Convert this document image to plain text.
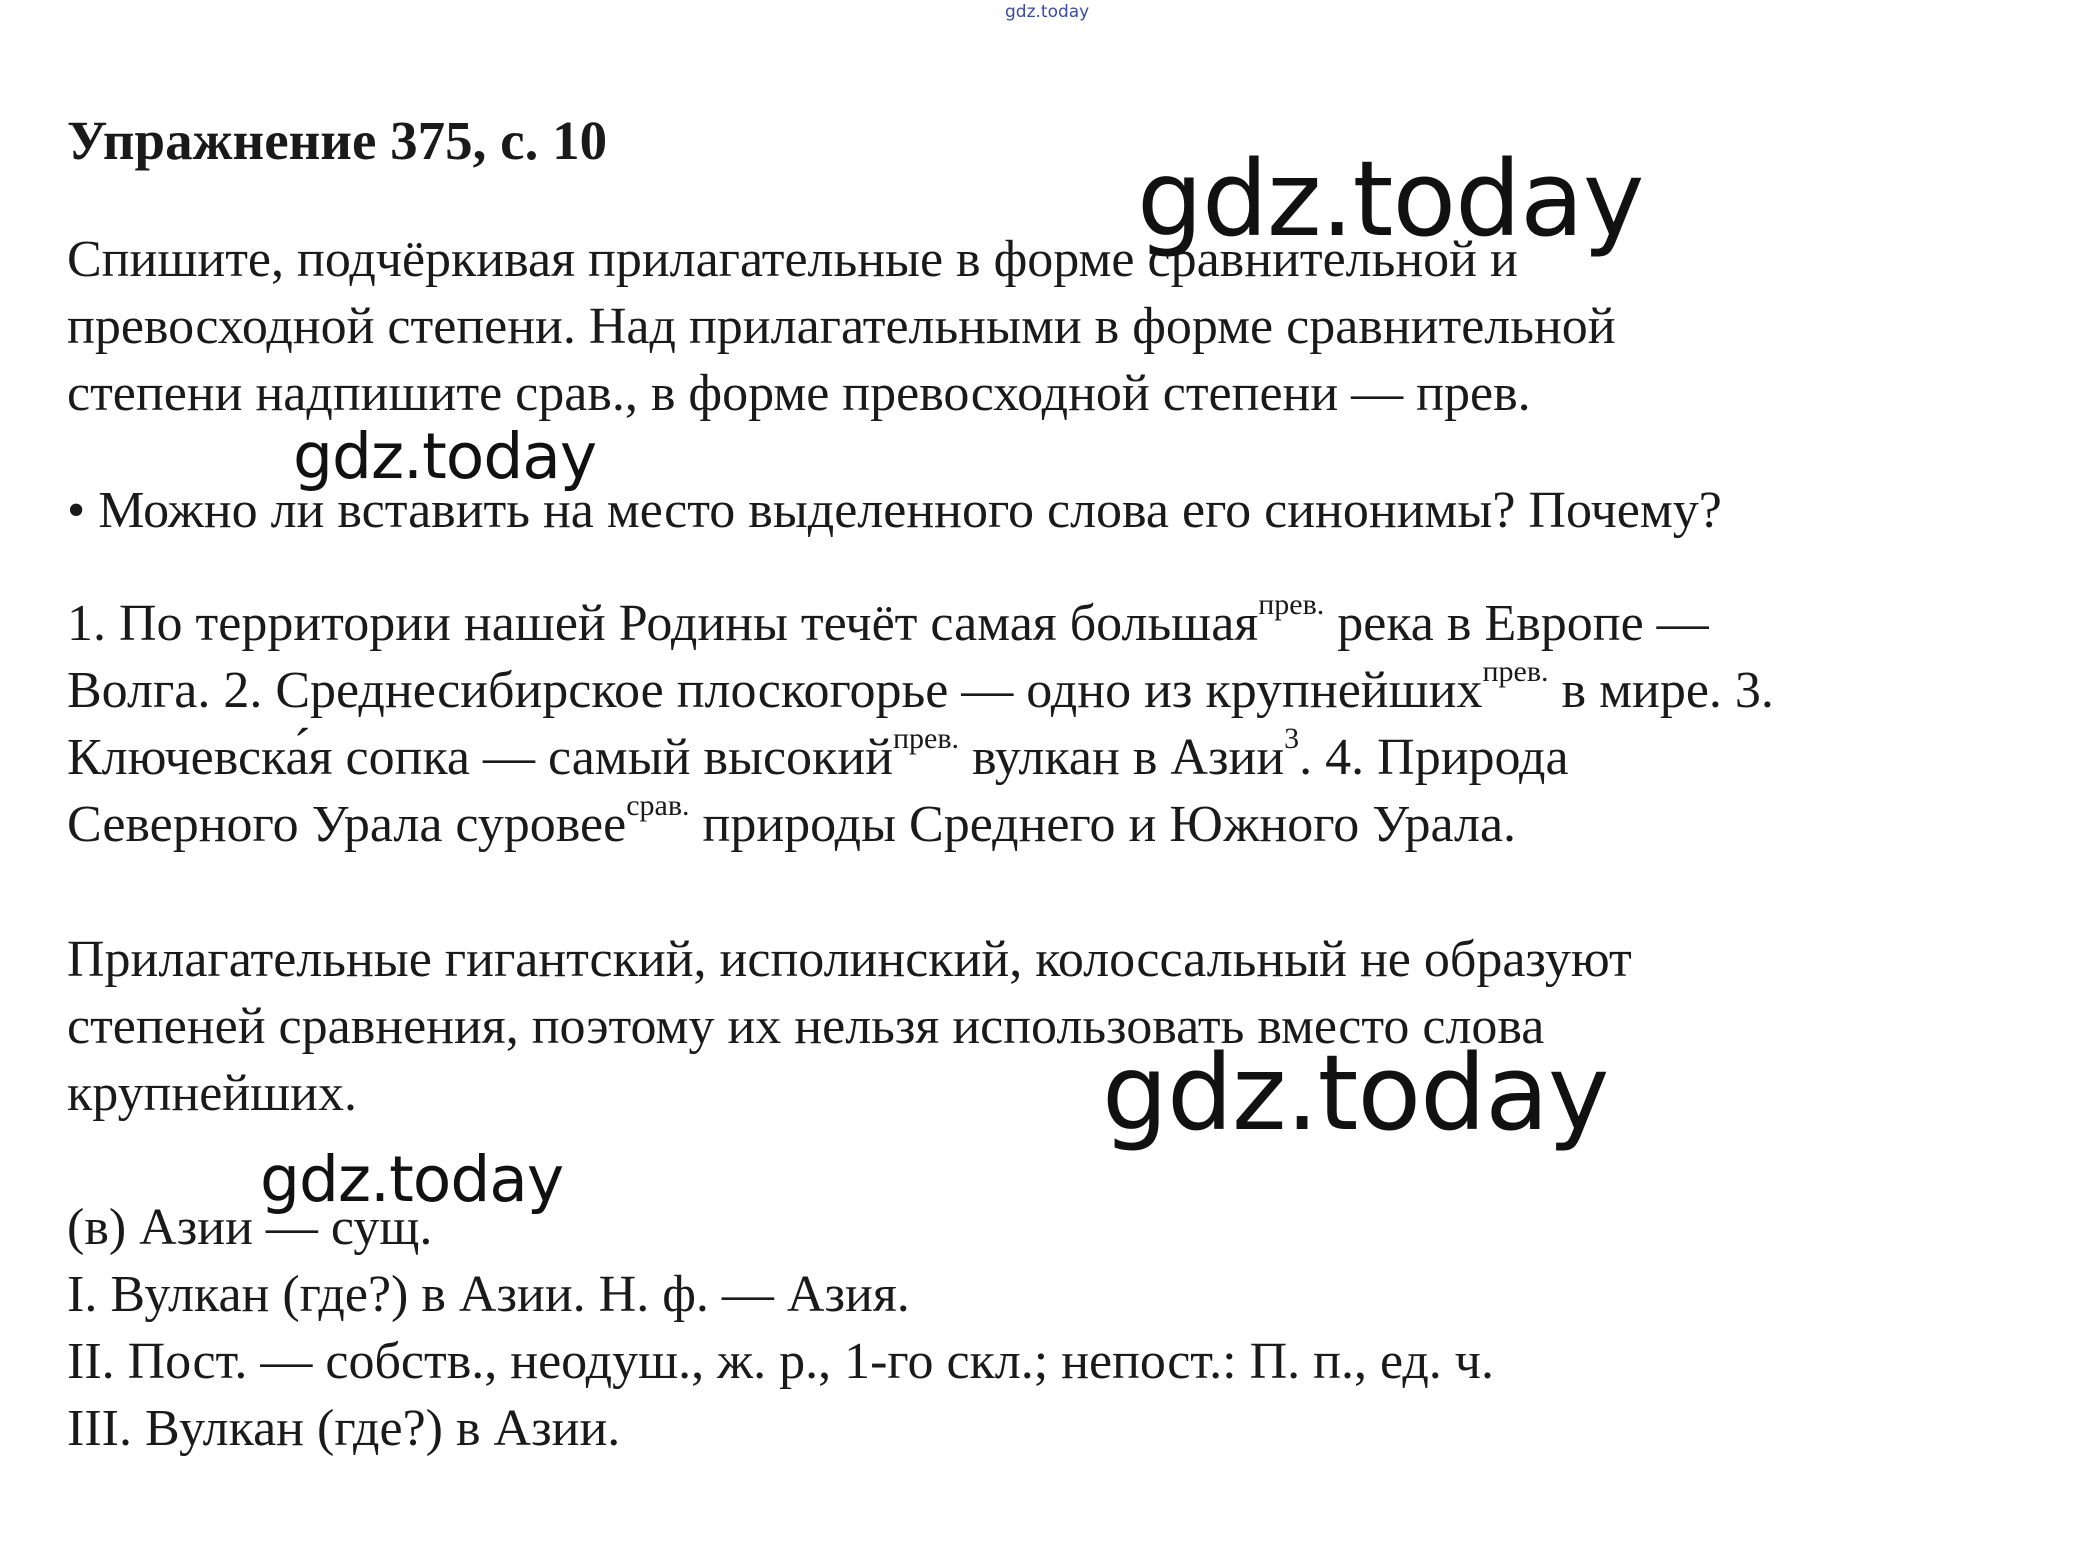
gdz.today
Упражнение 375, с. 10
Спишите, подчёркивая прилагательные в форме сравнительной и
превосходной степени. Над прилагательными в форме сравнительной
степени надпишите срав., в форме превосходной степени — прев.
• Можно ли вставить на место выделенного слова его синонимы? Почему?
1. По территории нашей Родины течёт самая большая$^{прев.}$ река в Европе —
Волга. 2. Среднесибирское плоскогорье — одно из крупнейших$^{прев.}$ в мире. 3.
Ключевска́я сопка — самый высокий$^{прев.}$ вулкан в Азии$^3$. 4. Природа
Северного Урала суровее$^{срав.}$ природы Среднего и Южного Урала.
Прилагательные гигантский, исполинский, колоссальный не образуют
степеней сравнения, поэтому их нельзя использовать вместо слова
крупнейших.
(в) Азии — сущ.
I. Вулкан (где?) в Азии. Н. ф. — Азия.
II. Пост. — собств., неодуш., ж. р., 1-го скл.; непост.: П. п., ед. ч.
III. Вулкан (где?) в Азии.
gdz.today
gdz.today
gdz.today
gdz.today
